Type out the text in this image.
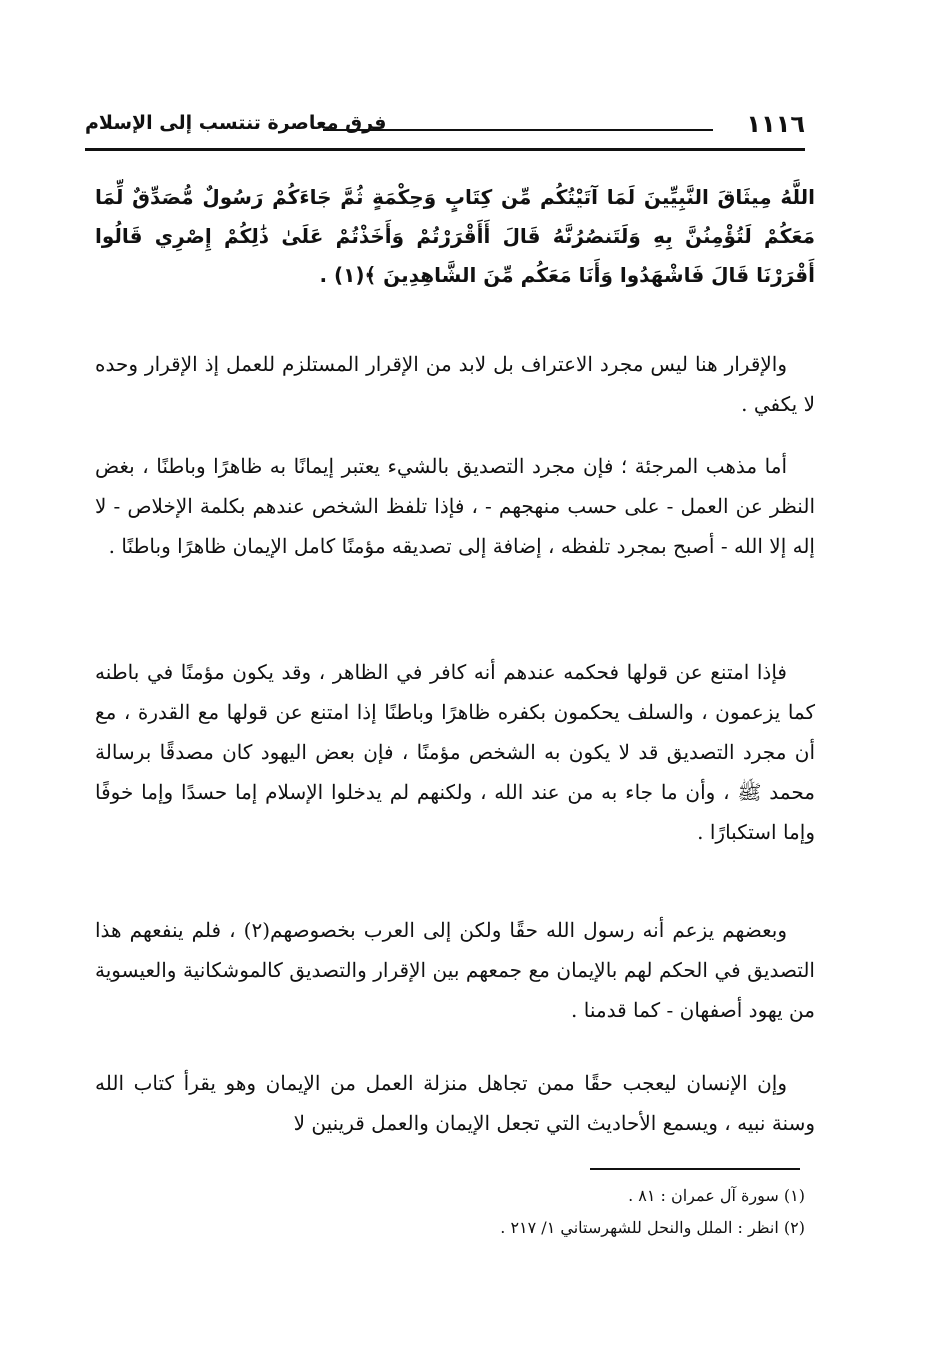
١١١٦
فرق معاصرة تنتسب إلى الإسلام
اللَّهُ مِيثَاقَ النَّبِيِّينَ لَمَا آتَيْتُكُم مِّن كِتَابٍ وَحِكْمَةٍ ثُمَّ جَاءَكُمْ رَسُولٌ مُّصَدِّقٌ لِّمَا مَعَكُمْ لَتُؤْمِنُنَّ بِهِ وَلَتَنصُرُنَّهُ قَالَ أَأَقْرَرْتُمْ وَأَخَذْتُمْ عَلَىٰ ذَٰلِكُمْ إِصْرِي قَالُوا أَقْرَرْنَا قَالَ فَاشْهَدُوا وَأَنَا مَعَكُم مِّنَ الشَّاهِدِينَ ﴾(١) .

والإقرار هنا ليس مجرد الاعتراف بل لابد من الإقرار المستلزم للعمل إذ الإقرار وحده لا يكفي .

أما مذهب المرجئة ؛ فإن مجرد التصديق بالشيء يعتبر إيمانًا به ظاهرًا وباطنًا ، بغض النظر عن العمل - على حسب منهجهم - ، فإذا تلفظ الشخص عندهم بكلمة الإخلاص - لا إله إلا الله - أصبح بمجرد تلفظه ، إضافة إلى تصديقه مؤمنًا كامل الإيمان ظاهرًا وباطنًا .

فإذا امتنع عن قولها فحكمه عندهم أنه كافر في الظاهر ، وقد يكون مؤمنًا في باطنه كما يزعمون ، والسلف يحكمون بكفره ظاهرًا وباطنًا إذا امتنع عن قولها مع القدرة ، مع أن مجرد التصديق قد لا يكون به الشخص مؤمنًا ، فإن بعض اليهود كان مصدقًا برسالة محمد ﷺ ، وأن ما جاء به من عند الله ، ولكنهم لم يدخلوا الإسلام إما حسدًا وإما خوفًا وإما استكبارًا .

وبعضهم يزعم أنه رسول الله حقًا ولكن إلى العرب بخصوصهم(٢) ، فلم ينفعهم هذا التصديق في الحكم لهم بالإيمان مع جمعهم بين الإقرار والتصديق كالموشكانية والعيسوية من يهود أصفهان - كما قدمنا .

وإن الإنسان ليعجب حقًا ممن تجاهل منزلة العمل من الإيمان وهو يقرأ كتاب الله وسنة نبيه ، ويسمع الأحاديث التي تجعل الإيمان والعمل قرينين لا

(١) سورة آل عمران : ٨١ .
(٢) انظر : الملل والنحل للشهرستاني ١/ ٢١٧ .
